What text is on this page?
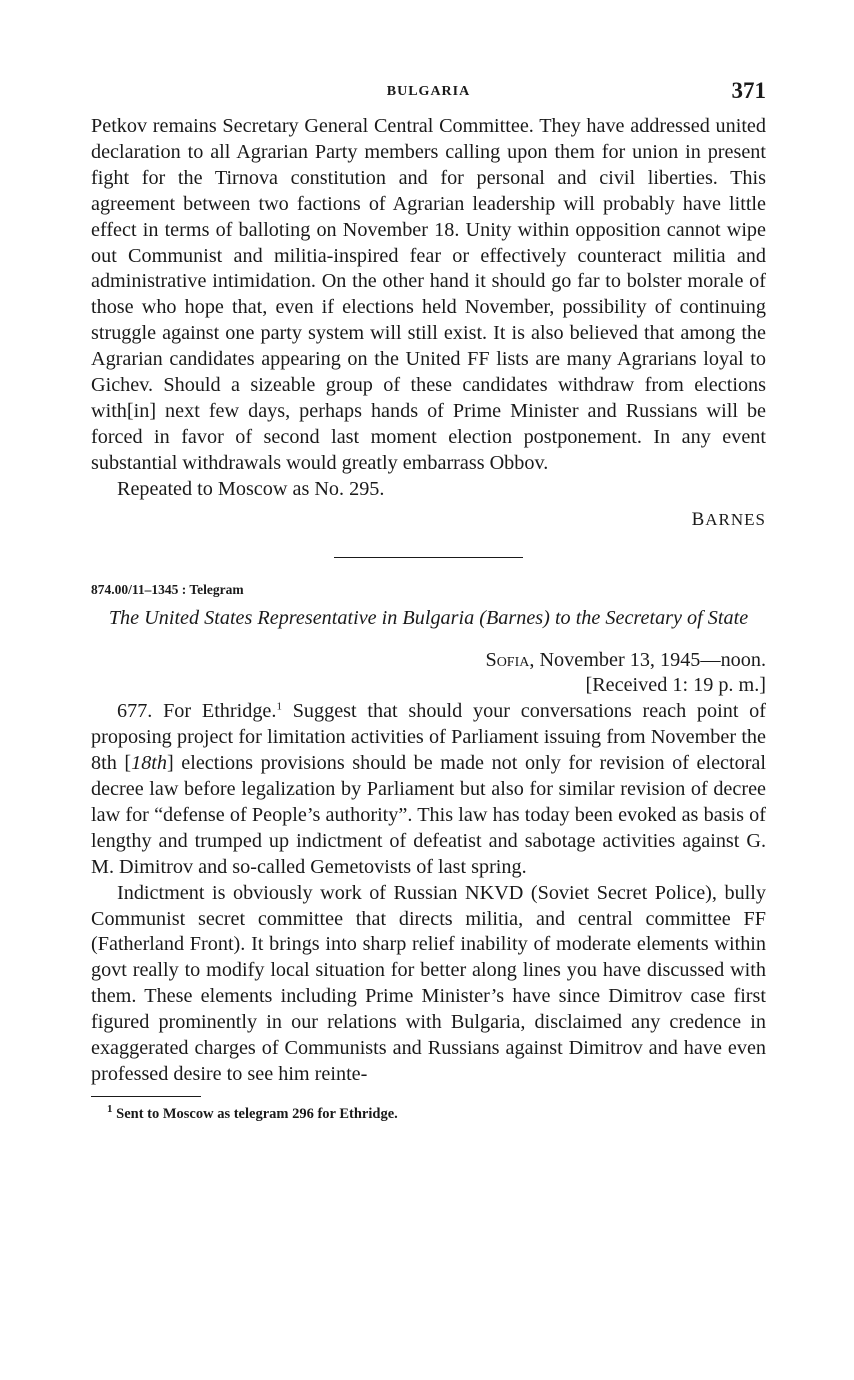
BULGARIA	371

Petkov remains Secretary General Central Committee. They have addressed united declaration to all Agrarian Party members calling upon them for union in present fight for the Tirnova constitution and for personal and civil liberties. This agreement between two factions of Agrarian leadership will probably have little effect in terms of balloting on November 18. Unity within opposition cannot wipe out Communist and militia-inspired fear or effectively counteract militia and administrative intimidation. On the other hand it should go far to bolster morale of those who hope that, even if elections held November, possibility of continuing struggle against one party system will still exist. It is also believed that among the Agrarian candidates appearing on the United FF lists are many Agrarians loyal to Gichev. Should a sizeable group of these candidates withdraw from elections with[in] next few days, perhaps hands of Prime Minister and Russians will be forced in favor of second last moment election postponement. In any event substantial withdrawals would greatly embarrass Obbov.

Repeated to Moscow as No. 295.

BARNES
874.00/11–1345 : Telegram
The United States Representative in Bulgaria (Barnes) to the Secretary of State
Sofia, November 13, 1945—noon.
[Received 1: 19 p. m.]

677. For Ethridge.$^1$ Suggest that should your conversations reach point of proposing project for limitation activities of Parliament issuing from November the 8th [18th] elections provisions should be made not only for revision of electoral decree law before legalization by Parliament but also for similar revision of decree law for “defense of People’s authority”. This law has today been evoked as basis of lengthy and trumped up indictment of defeatist and sabotage activities against G. M. Dimitrov and so-called Gemetovists of last spring.

Indictment is obviously work of Russian NKVD (Soviet Secret Police), bully Communist secret committee that directs militia, and central committee FF (Fatherland Front). It brings into sharp relief inability of moderate elements within govt really to modify local situation for better along lines you have discussed with them. These elements including Prime Minister’s have since Dimitrov case first figured prominently in our relations with Bulgaria, disclaimed any credence in exaggerated charges of Communists and Russians against Dimitrov and have even professed desire to see him reinte-

$^1$ Sent to Moscow as telegram 296 for Ethridge.
